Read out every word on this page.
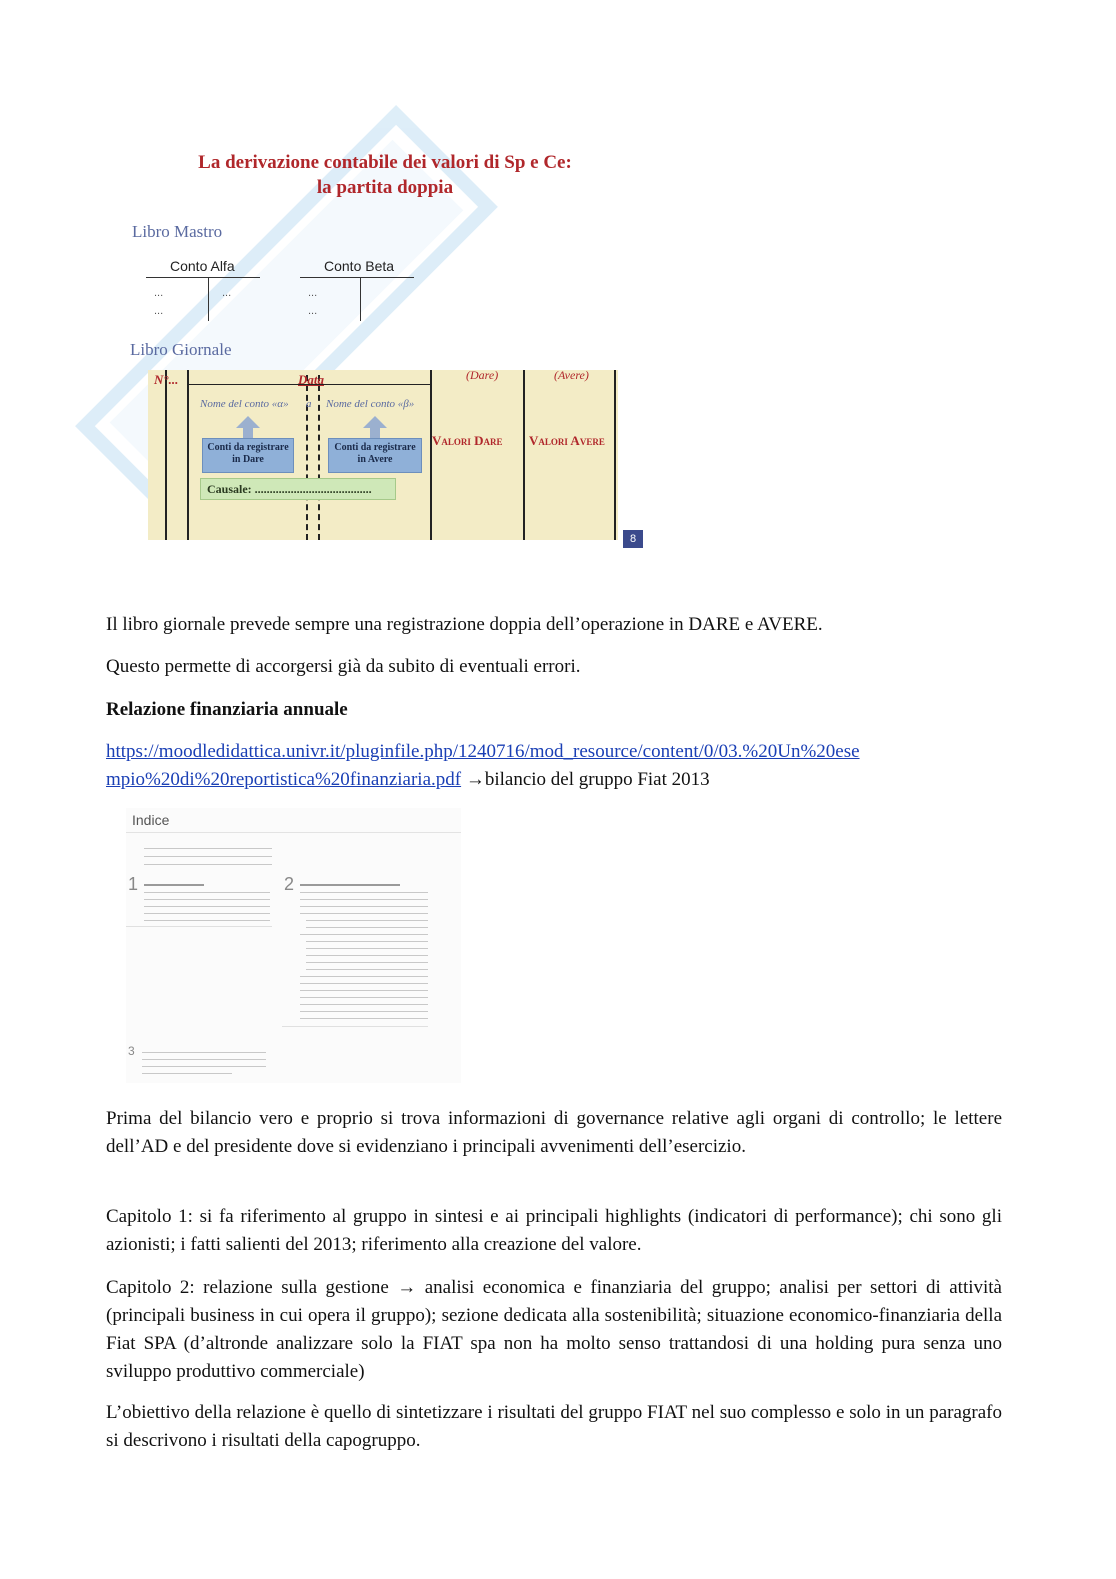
La derivazione contabile dei valori di Sp e Ce:
la partita doppia
Libro Mastro
Conto Alfa
...
...
...
Conto Beta
...
...
Libro Giornale
N°...	Data	(Dare)	(Avere)
Nome del conto «α» a Nome del conto «β»
Conti da registrare in Dare
Conti da registrare in Avere
Valori Dare Valori Avere
Causale: .......................................
8
Il libro giornale prevede sempre una registrazione doppia dell’operazione in DARE e AVERE.
Questo permette di accorgersi già da subito di eventuali errori.
Relazione finanziaria annuale
https://moodledidattica.univr.it/pluginfile.php/1240716/mod_resource/content/0/03.%20Un%20ese
mpio%20di%20reportistica%20finanziaria.pdf →bilancio del gruppo Fiat 2013
Indice
1	2
3
Prima del bilancio vero e proprio si trova informazioni di governance relative agli organi di controllo; le lettere dell’AD e del presidente dove si evidenziano i principali avvenimenti dell’esercizio.
Capitolo 1: si fa riferimento al gruppo in sintesi e ai principali highlights (indicatori di performance); chi sono gli azionisti; i fatti salienti del 2013; riferimento alla creazione del valore.
Capitolo 2: relazione sulla gestione → analisi economica e finanziaria del gruppo; analisi per settori di attività (principali business in cui opera il gruppo); sezione dedicata alla sostenibilità; situazione economico-finanziaria della Fiat SPA (d’altronde analizzare solo la FIAT spa non ha molto senso trattandosi di una holding pura senza uno sviluppo produttivo commerciale)
L’obiettivo della relazione è quello di sintetizzare i risultati del gruppo FIAT nel suo complesso e solo in un paragrafo si descrivono i risultati della capogruppo.
